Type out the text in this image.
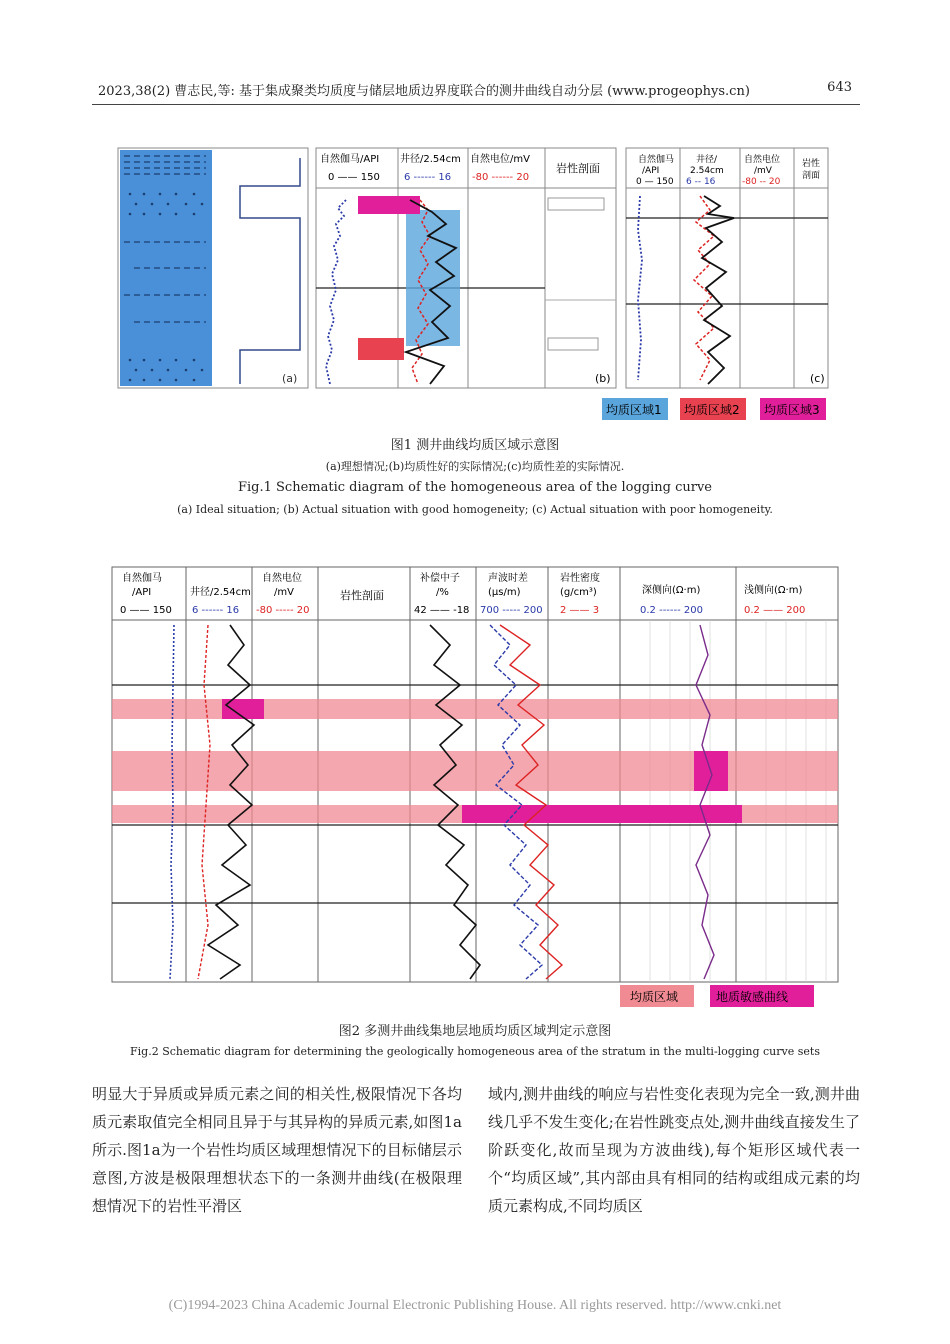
2023,38(2) 曹志民,等: 基于集成聚类均质度与储层地质边界度联合的测井曲线自动分层 (www.progeophys.cn)	643
(a)
自然伽马/API
0 —— 150
井径/2.54cm
6 ------ 16
自然电位/mV
-80 ------ 20
岩性剖面
(b)
自然伽马
/API
0 — 150
井径/
2.54cm
6 -- 16
自然电位
/mV
-80 -- 20
岩性
剖面
(c)
均质区域1 均质区域2 均质区域3
图1 测井曲线均质区域示意图
(a)理想情况;(b)均质性好的实际情况;(c)均质性差的实际情况.
Fig.1 Schematic diagram of the homogeneous area of the logging curve
(a) Ideal situation; (b) Actual situation with good homogeneity; (c) Actual situation with poor homogeneity.
自然伽马
/API
0 —— 150
井径/2.54cm
6 ------ 16
自然电位
/mV
-80 ----- 20
岩性剖面
补偿中子
/%
42 —— -18
声波时差
(μs/m)
700 ----- 200
岩性密度
(g/cm³)
2 —— 3
深侧向(Ω·m)
0.2 ------ 200
浅侧向(Ω·m)
0.2 —— 200
均质区域	地质敏感曲线
图2 多测井曲线集地层地质均质区域判定示意图
Fig.2 Schematic diagram for determining the geologically homogeneous area of the stratum in the multi-logging curve sets

明显大于异质或异质元素之间的相关性,极限情况下各均质元素取值完全相同且异于与其异构的异质元素,如图1a所示.图1a为一个岩性均质区域理想情况下的目标储层示意图,方波是极限理想状态下的一条测井曲线(在极限理想情况下的岩性平滑区

域内,测井曲线的响应与岩性变化表现为完全一致,测井曲线几乎不发生变化;在岩性跳变点处,测井曲线直接发生了阶跃变化,故而呈现为方波曲线),每个矩形区域代表一个“均质区域”,其内部由具有相同的结构或组成元素的均质元素构成,不同均质区

(C)1994-2023 China Academic Journal Electronic Publishing House. All rights reserved. http://www.cnki.net
